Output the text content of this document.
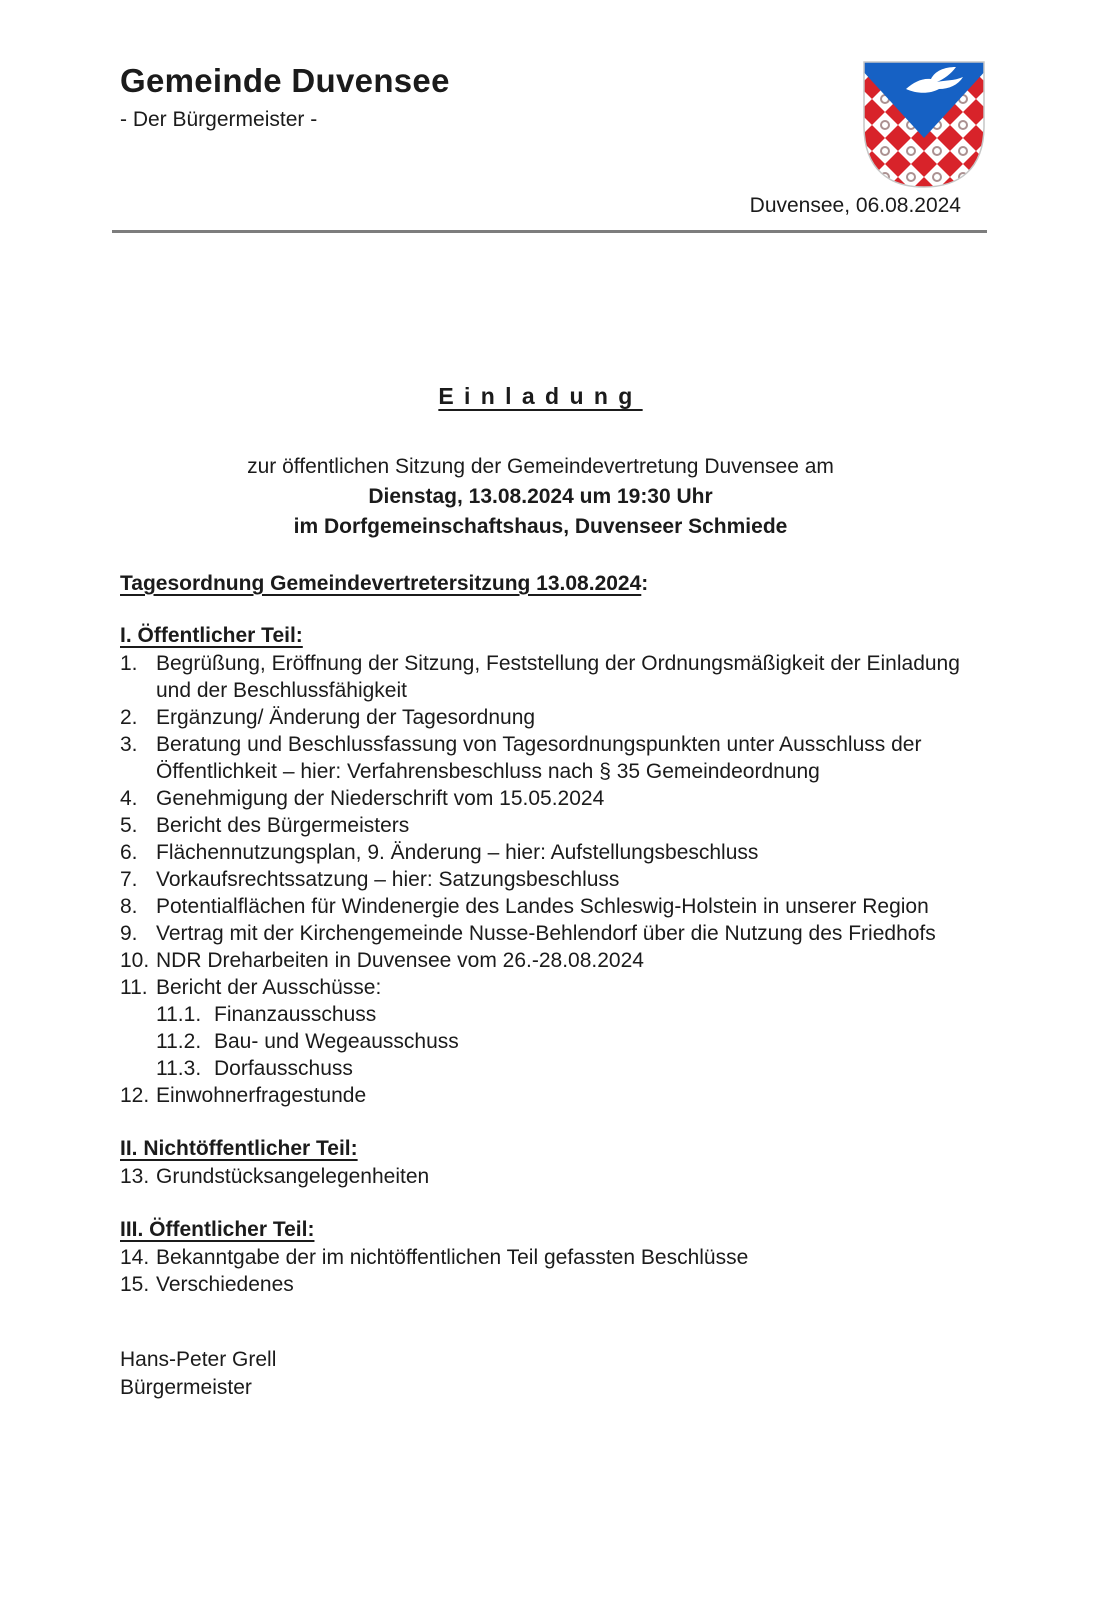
Gemeinde Duvensee
- Der Bürgermeister -
Duvensee, 06.08.2024
Einladung

zur öffentlichen Sitzung der Gemeindevertretung Duvensee am

Dienstag, 13.08.2024 um 19:30 Uhr

im Dorfgemeinschaftshaus, Duvenseer Schmiede

Tagesordnung Gemeindevertretersitzung 13.08.2024:
I. Öffentlicher Teil:
1. Begrüßung, Eröffnung der Sitzung, Feststellung der Ordnungsmäßigkeit der Einladung und der Beschlussfähigkeit
2. Ergänzung/ Änderung der Tagesordnung
3. Beratung und Beschlussfassung von Tagesordnungspunkten unter Ausschluss der Öffentlichkeit – hier: Verfahrensbeschluss nach § 35 Gemeindeordnung
4. Genehmigung der Niederschrift vom 15.05.2024
5. Bericht des Bürgermeisters
6. Flächennutzungsplan, 9. Änderung – hier: Aufstellungsbeschluss
7. Vorkaufsrechtssatzung – hier: Satzungsbeschluss
8. Potentialflächen für Windenergie des Landes Schleswig-Holstein in unserer Region
9. Vertrag mit der Kirchengemeinde Nusse-Behlendorf über die Nutzung des Friedhofs
10. NDR Dreharbeiten in Duvensee vom 26.-28.08.2024
11. Bericht der Ausschüsse:
11.1. Finanzausschuss
11.2. Bau- und Wegeausschuss
11.3. Dorfausschuss
12. Einwohnerfragestunde
II. Nichtöffentlicher Teil:
13. Grundstücksangelegenheiten
III. Öffentlicher Teil:
14. Bekanntgabe der im nichtöffentlichen Teil gefassten Beschlüsse
15. Verschiedenes
Hans-Peter Grell
Bürgermeister
